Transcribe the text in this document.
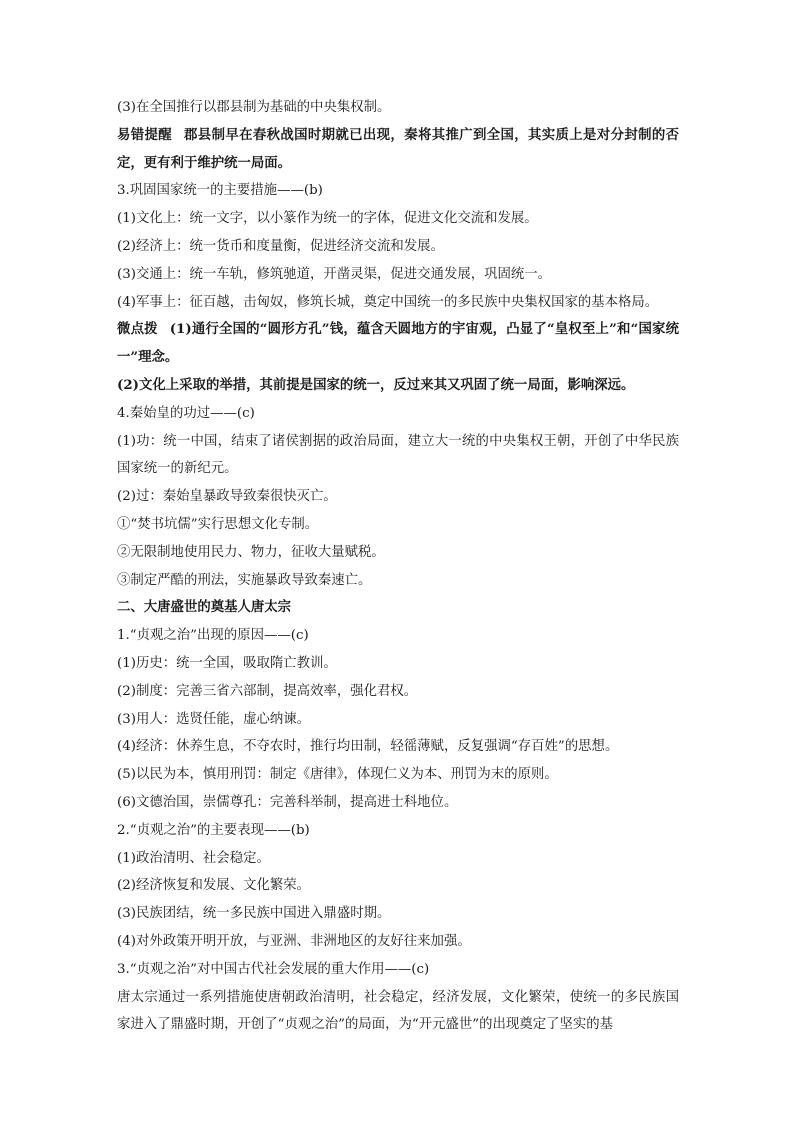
(3)在全国推行以郡县制为基础的中央集权制。
易错提醒 郡县制早在春秋战国时期就已出现，秦将其推广到全国，其实质上是对分封制的否定，更有利于维护统一局面。
3.巩固国家统一的主要措施——(b)
(1)文化上：统一文字，以小篆作为统一的字体，促进文化交流和发展。
(2)经济上：统一货币和度量衡，促进经济交流和发展。
(3)交通上：统一车轨，修筑驰道，开凿灵渠，促进交通发展，巩固统一。
(4)军事上：征百越，击匈奴，修筑长城，奠定中国统一的多民族中央集权国家的基本格局。
微点拨 (1)通行全国的“圆形方孔”钱，蕴含天圆地方的宇宙观，凸显了“皇权至上”和“国家统一”理念。
(2)文化上采取的举措，其前提是国家的统一，反过来其又巩固了统一局面，影响深远。
4.秦始皇的功过——(c)
(1)功：统一中国，结束了诸侯割据的政治局面，建立大一统的中央集权王朝，开创了中华民族国家统一的新纪元。
(2)过：秦始皇暴政导致秦很快灭亡。
①“焚书坑儒”实行思想文化专制。
②无限制地使用民力、物力，征收大量赋税。
③制定严酷的刑法，实施暴政导致秦速亡。
二、大唐盛世的奠基人唐太宗
1.“贞观之治”出现的原因——(c)
(1)历史：统一全国，吸取隋亡教训。
(2)制度：完善三省六部制，提高效率，强化君权。
(3)用人：选贤任能，虚心纳谏。
(4)经济：休养生息，不夺农时，推行均田制，轻徭薄赋，反复强调“存百姓”的思想。
(5)以民为本，慎用刑罚：制定《唐律》，体现仁义为本、刑罚为末的原则。
(6)文德治国，崇儒尊孔：完善科举制，提高进士科地位。
2.“贞观之治”的主要表现——(b)
(1)政治清明、社会稳定。
(2)经济恢复和发展、文化繁荣。
(3)民族团结，统一多民族中国进入鼎盛时期。
(4)对外政策开明开放，与亚洲、非洲地区的友好往来加强。
3.“贞观之治”对中国古代社会发展的重大作用——(c)
唐太宗通过一系列措施使唐朝政治清明，社会稳定，经济发展，文化繁荣，使统一的多民族国家进入了鼎盛时期，开创了“贞观之治”的局面，为“开元盛世”的出现奠定了坚实的基
